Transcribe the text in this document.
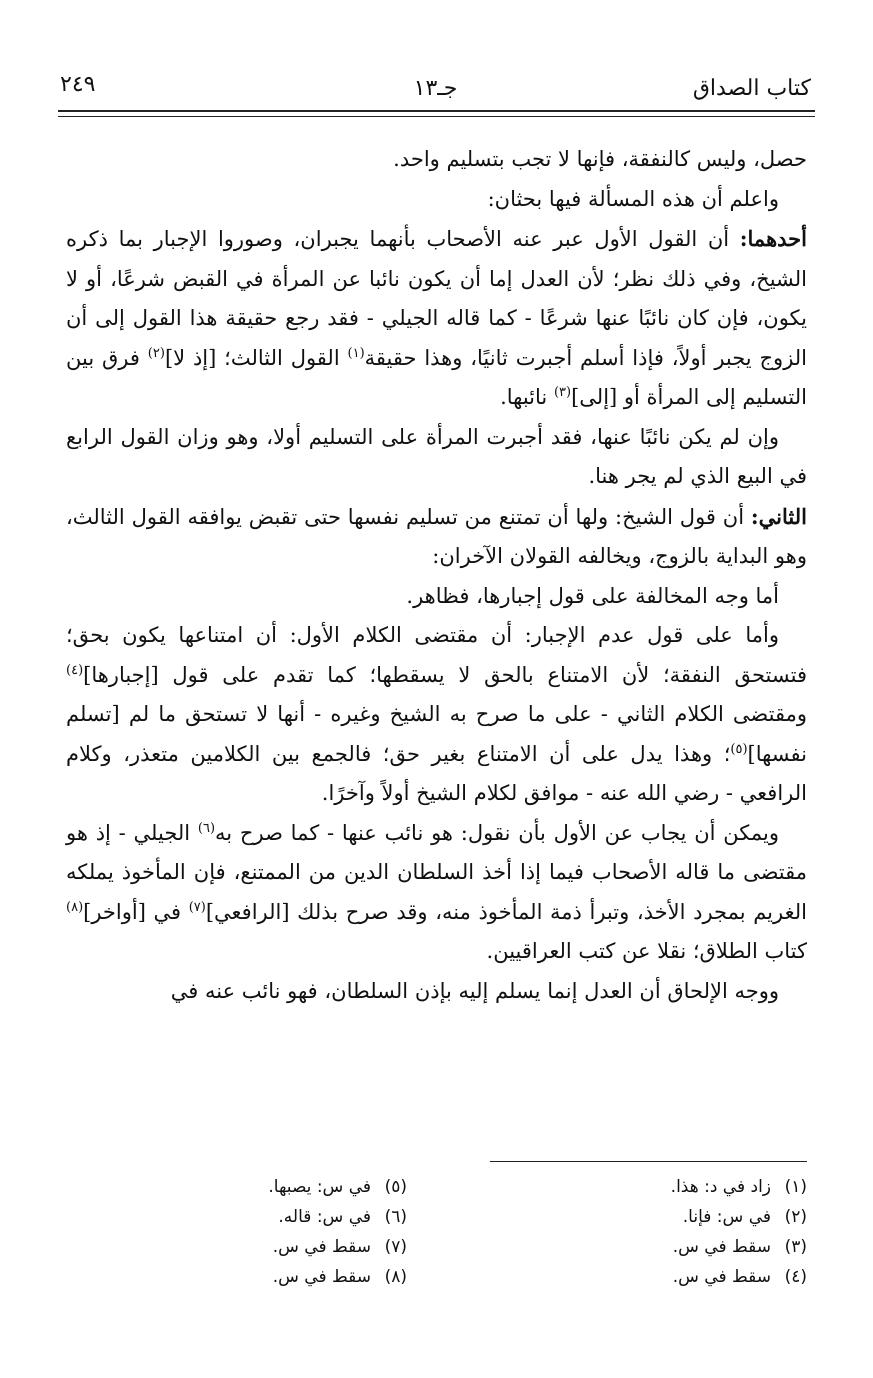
كتاب الصداق
جـ١٣
٢٤٩

حصل، وليس كالنفقة، فإنها لا تجب بتسليم واحد.

واعلم أن هذه المسألة فيها بحثان:

أحدهما: أن القول الأول عبر عنه الأصحاب بأنهما يجبران، وصوروا الإجبار بما ذكره الشيخ، وفي ذلك نظر؛ لأن العدل إما أن يكون نائبا عن المرأة في القبض شرعًا، أو لا يكون، فإن كان نائبًا عنها شرعًا - كما قاله الجيلي - فقد رجع حقيقة هذا القول إلى أن الزوج يجبر أولاً، فإذا أسلم أجبرت ثانيًا، وهذا حقيقة$^{(١)}$ القول الثالث؛ [إذ لا]$^{(٢)}$ فرق بين التسليم إلى المرأة أو [إلى]$^{(٣)}$ نائبها.

وإن لم يكن نائبًا عنها، فقد أجبرت المرأة على التسليم أولا، وهو وزان القول الرابع في البيع الذي لم يجر هنا.

الثاني: أن قول الشيخ: ولها أن تمتنع من تسليم نفسها حتى تقبض يوافقه القول الثالث، وهو البداية بالزوج، ويخالفه القولان الآخران:

أما وجه المخالفة على قول إجبارها، فظاهر.

وأما على قول عدم الإجبار: أن مقتضى الكلام الأول: أن امتناعها يكون بحق؛ فتستحق النفقة؛ لأن الامتناع بالحق لا يسقطها؛ كما تقدم على قول [إجبارها]$^{(٤)}$ ومقتضى الكلام الثاني - على ما صرح به الشيخ وغيره - أنها لا تستحق ما لم [تسلم نفسها]$^{(٥)}$؛ وهذا يدل على أن الامتناع بغير حق؛ فالجمع بين الكلامين متعذر، وكلام الرافعي - رضي الله عنه - موافق لكلام الشيخ أولاً وآخرًا.

ويمكن أن يجاب عن الأول بأن نقول: هو نائب عنها - كما صرح به$^{(٦)}$ الجيلي - إذ هو مقتضى ما قاله الأصحاب فيما إذا أخذ السلطان الدين من الممتنع، فإن المأخوذ يملكه الغريم بمجرد الأخذ، وتبرأ ذمة المأخوذ منه، وقد صرح بذلك [الرافعي]$^{(٧)}$ في [أواخر]$^{(٨)}$ كتاب الطلاق؛ نقلا عن كتب العراقيين.

ووجه الإلحاق أن العدل إنما يسلم إليه بإذن السلطان، فهو نائب عنه في

(١)زاد في د: هذا.
(٢)في س: فإنا.
(٣)سقط في س.
(٤)سقط في س.
(٥)في س: يصبها.
(٦)في س: قاله.
(٧)سقط في س.
(٨)سقط في س.
